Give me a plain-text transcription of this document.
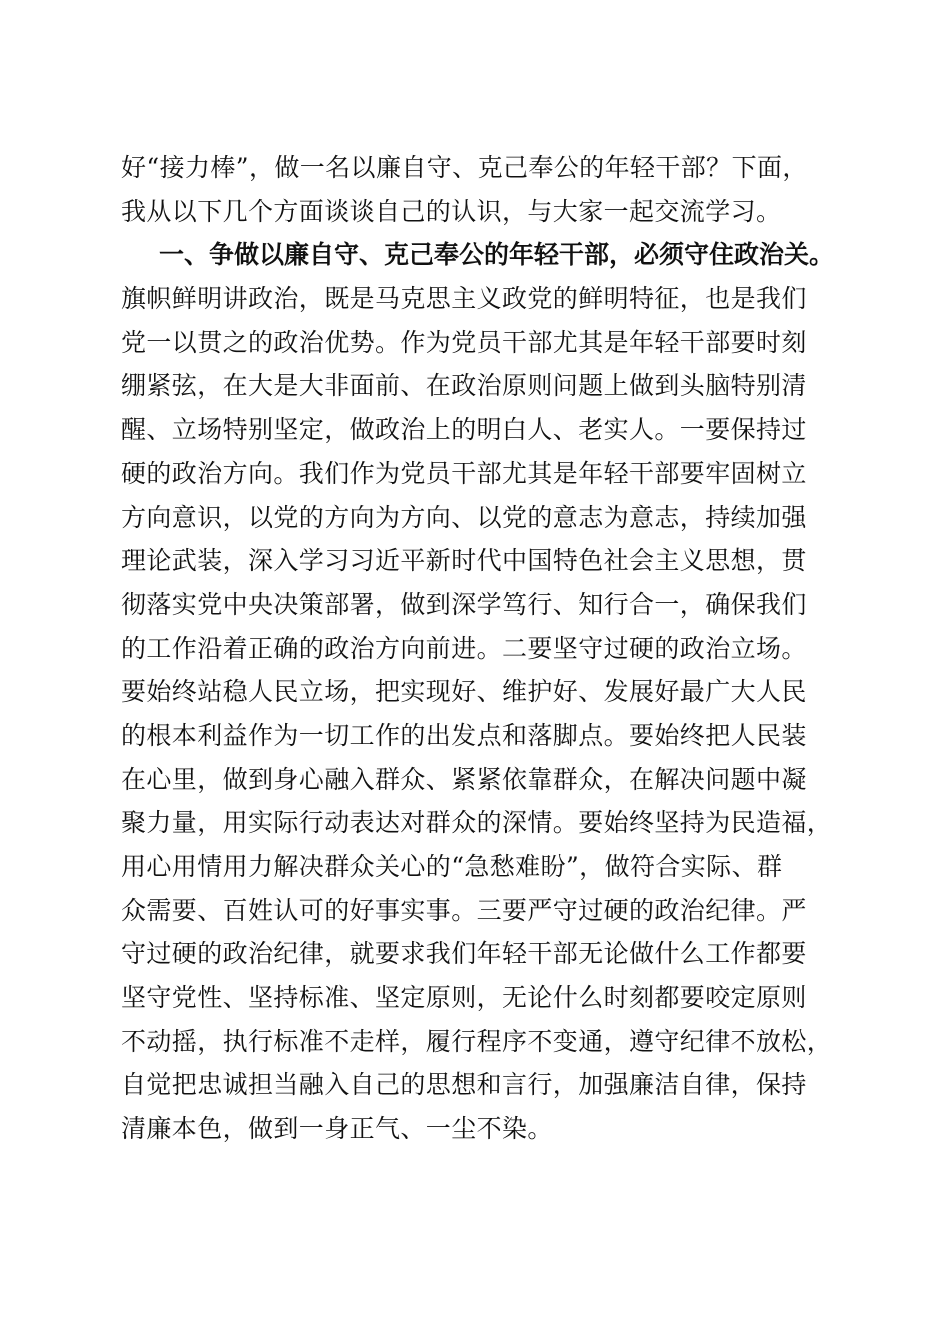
好“接力棒”，做一名以廉自守、克己奉公的年轻干部？下面，
我从以下几个方面谈谈自己的认识，与大家一起交流学习。
一、争做以廉自守、克己奉公的年轻干部，必须守住政治关。
旗帜鲜明讲政治，既是马克思主义政党的鲜明特征，也是我们
党一以贯之的政治优势。作为党员干部尤其是年轻干部要时刻
绷紧弦，在大是大非面前、在政治原则问题上做到头脑特别清
醒、立场特别坚定，做政治上的明白人、老实人。一要保持过
硬的政治方向。我们作为党员干部尤其是年轻干部要牢固树立
方向意识，以党的方向为方向、以党的意志为意志，持续加强
理论武装，深入学习习近平新时代中国特色社会主义思想，贯
彻落实党中央决策部署，做到深学笃行、知行合一，确保我们
的工作沿着正确的政治方向前进。二要坚守过硬的政治立场。
要始终站稳人民立场，把实现好、维护好、发展好最广大人民
的根本利益作为一切工作的出发点和落脚点。要始终把人民装
在心里，做到身心融入群众、紧紧依靠群众，在解决问题中凝
聚力量，用实际行动表达对群众的深情。要始终坚持为民造福，
用心用情用力解决群众关心的“急愁难盼”，做符合实际、群
众需要、百姓认可的好事实事。三要严守过硬的政治纪律。严
守过硬的政治纪律，就要求我们年轻干部无论做什么工作都要
坚守党性、坚持标准、坚定原则，无论什么时刻都要咬定原则
不动摇，执行标准不走样，履行程序不变通，遵守纪律不放松，
自觉把忠诚担当融入自己的思想和言行，加强廉洁自律，保持
清廉本色，做到一身正气、一尘不染。
